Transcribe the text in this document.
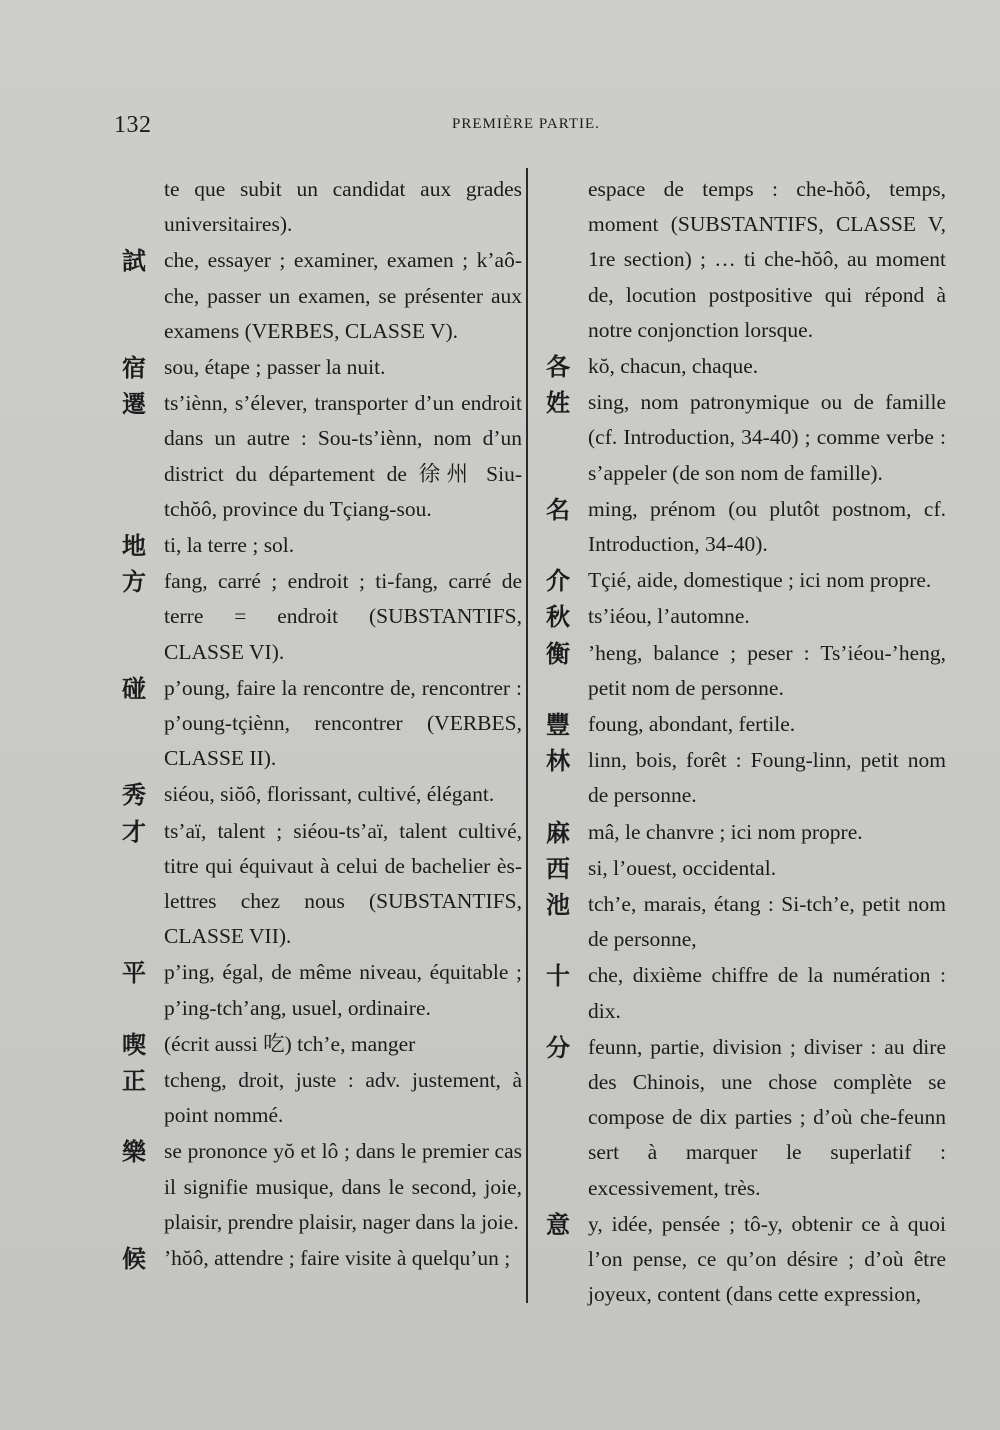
132	PREMIÈRE PARTIE.
te que subit un candidat aux grades universitaires).
試 che, essayer ; examiner, examen ; k’aô-che, passer un examen, se présenter aux examens (VERBES, CLASSE V).
宿 sou, étape ; passer la nuit.
遷 ts’iènn, s’élever, transporter d’un endroit dans un autre : Sou-ts’iènn, nom d’un district du département de 徐州 Siu-tchŏô, province du Tçiang-sou.
地 ti, la terre ; sol.
方 fang, carré ; endroit ; ti-fang, carré de terre = endroit (SUBSTANTIFS, CLASSE VI).
碰 p’oung, faire la rencontre de, rencontrer : p’oung-tçiènn, rencontrer (VERBES, CLASSE II).
秀 siéou, siŏô, florissant, cultivé, élégant.
才 ts’aï, talent ; siéou-ts’aï, talent cultivé, titre qui équivaut à celui de bachelier ès-lettres chez nous (SUBSTANTIFS, CLASSE VII).
平 p’ing, égal, de même niveau, équitable ; p’ing-tch’ang, usuel, ordinaire.
喫 (écrit aussi 吃) tch’e, manger
正 tcheng, droit, juste : adv. justement, à point nommé.
樂 se prononce yŏ et lô ; dans le premier cas il signifie musique, dans le second, joie, plaisir, prendre plaisir, nager dans la joie.
候 ’hŏô, attendre ; faire visite à quelqu’un ;
espace de temps : che-hŏô, temps, moment (SUBSTANTIFS, CLASSE V, 1re section) ; … ti che-hŏô, au moment de, locution postpositive qui répond à notre conjonction lorsque.
各 kŏ, chacun, chaque.
姓 sing, nom patronymique ou de famille (cf. Introduction, 34-40) ; comme verbe : s’appeler (de son nom de famille).
名 ming, prénom (ou plutôt postnom, cf. Introduction, 34-40).
介 Tçié, aide, domestique ; ici nom propre.
秋 ts’iéou, l’automne.
衡 ’heng, balance ; peser : Ts’iéou-’heng, petit nom de personne.
豐 foung, abondant, fertile.
林 linn, bois, forêt : Foung-linn, petit nom de personne.
麻 mâ, le chanvre ; ici nom propre.
西 si, l’ouest, occidental.
池 tch’e, marais, étang : Si-tch’e, petit nom de personne,
十 che, dixième chiffre de la numération : dix.
分 feunn, partie, division ; diviser : au dire des Chinois, une chose complète se compose de dix parties ; d’où che-feunn sert à marquer le superlatif : excessivement, très.
意 y, idée, pensée ; tô-y, obtenir ce à quoi l’on pense, ce qu’on désire ; d’où être joyeux, content (dans cette expression,
